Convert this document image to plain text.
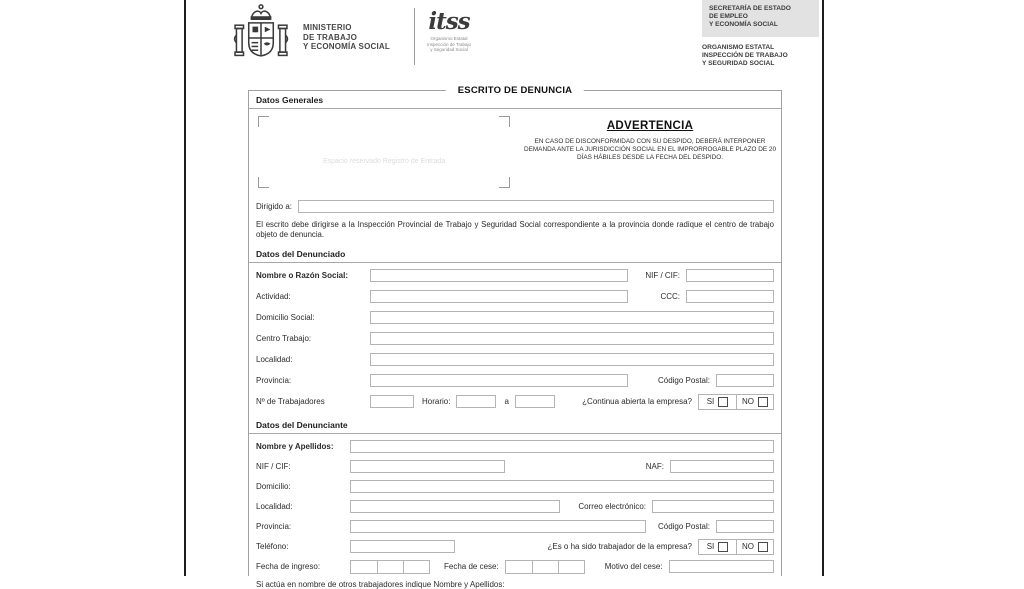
MINISTERIO
DE TRABAJO
Y ECONOMÍA SOCIAL
itss
Organismo Estatal
Inspección de Trabajo
y Seguridad Social
SECRETARÍA DE ESTADO
DE EMPLEO
Y ECONOMÍA SOCIAL
ORGANISMO ESTATAL
INSPECCIÓN DE TRABAJO
Y SEGURIDAD SOCIAL
ESCRITO DE DENUNCIA
Datos Generales
Espacio reservado Registro de Entrada
ADVERTENCIA
EN CASO DE DISCONFORMIDAD CON SU DESPIDO, DEBERÁ INTERPONER DEMANDA ANTE LA JURISDICCIÓN SOCIAL EN EL IMPRORROGABLE PLAZO DE 20 DÍAS HÁBILES DESDE LA FECHA DEL DESPIDO.
Dirigido a:
El escrito debe dirigirse a la Inspección Provincial de Trabajo y Seguridad Social correspondiente a la provincia donde radique el centro de trabajo objeto de denuncia.
Datos del Denunciado
Nombre o Razón Social:	NIF / CIF:
Actividad:	CCC:
Domicilio Social:
Centro Trabajo:
Localidad:
Provincia:	Código Postal:
Nº de Trabajadores	Horario:	a	¿Continua abierta la empresa? SI	NO
Datos del Denunciante
Nombre y Apellidos:
NIF / CIF:	NAF:
Domicilio:
Localidad:	Correo electrónico:
Provincia:	Código Postal:
Teléfono:	¿Es o ha sido trabajador de la empresa? SI	NO
Fecha de ingreso:	Fecha de cese:	Motivo del cese:
Si actúa en nombre de otros trabajadores indique Nombre y Apellidos:
